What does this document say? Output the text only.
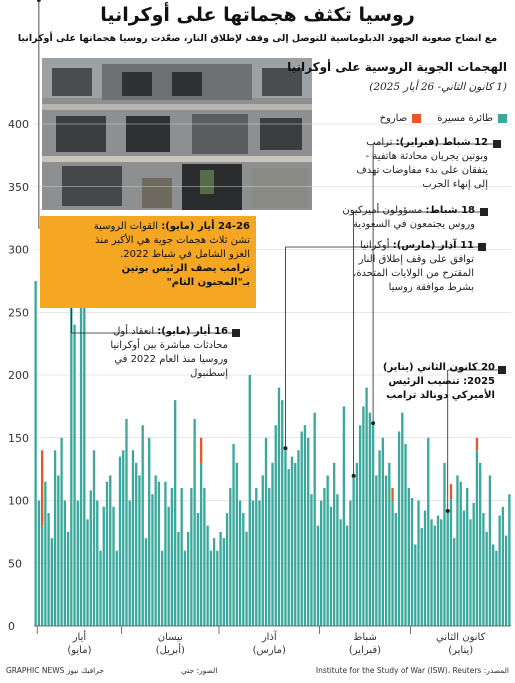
روسيا تكثف هجماتها على أوكرانيا
مع اتضاح صعوبة الجهود الدبلوماسية للتوصل إلى وقف لإطلاق النار، صعّدت روسيا هجماتها على أوكرانيا
0
50
100
150
200
250
300
350
400
كانون الثاني
(يناير)
شباط
(فبراير)
آذار
(مارس)
نيسان
(أبريل)
أيار
(مايو)
الهجمات الجوية الروسية على أوكرانيا
(1 كانون الثاني- 26 أيار 2025)
طائرة مسيرة
صاروخ
12 شباط (فبراير): ترامب وبوتين يجريان محادثة هاتفية - يتفقان على بدء مفاوضات تهدف إلى إنهاء الحرب
18 شباط: مسؤولون أميركيون وروس يجتمعون في السعودية
11 آذار (مارس): أوكرانيا توافق على وقف إطلاق النار المقترح من الولايات المتحدة، بشرط موافقة روسيا
20 كانون الثاني (يناير) 2025: تنصيب الرئيس الأميركي دونالد ترامب
24-26 أيار (مايو): القوات الروسية تشن ثلاث هجمات جوية هي الأكبر منذ الغزو الشامل في شباط 2022.
ترامب يصف الرئيس بوتين بـ"المجنون التام"
16 أيار (مايو): انعقاد أول محادثات مباشرة بين أوكرانيا وروسيا منذ العام 2022 في إسطنبول
المصدر: Institute for the Study of War (ISW)، Reuters
الصور: جتي
GRAPHIC NEWS جرافيك نيوز
